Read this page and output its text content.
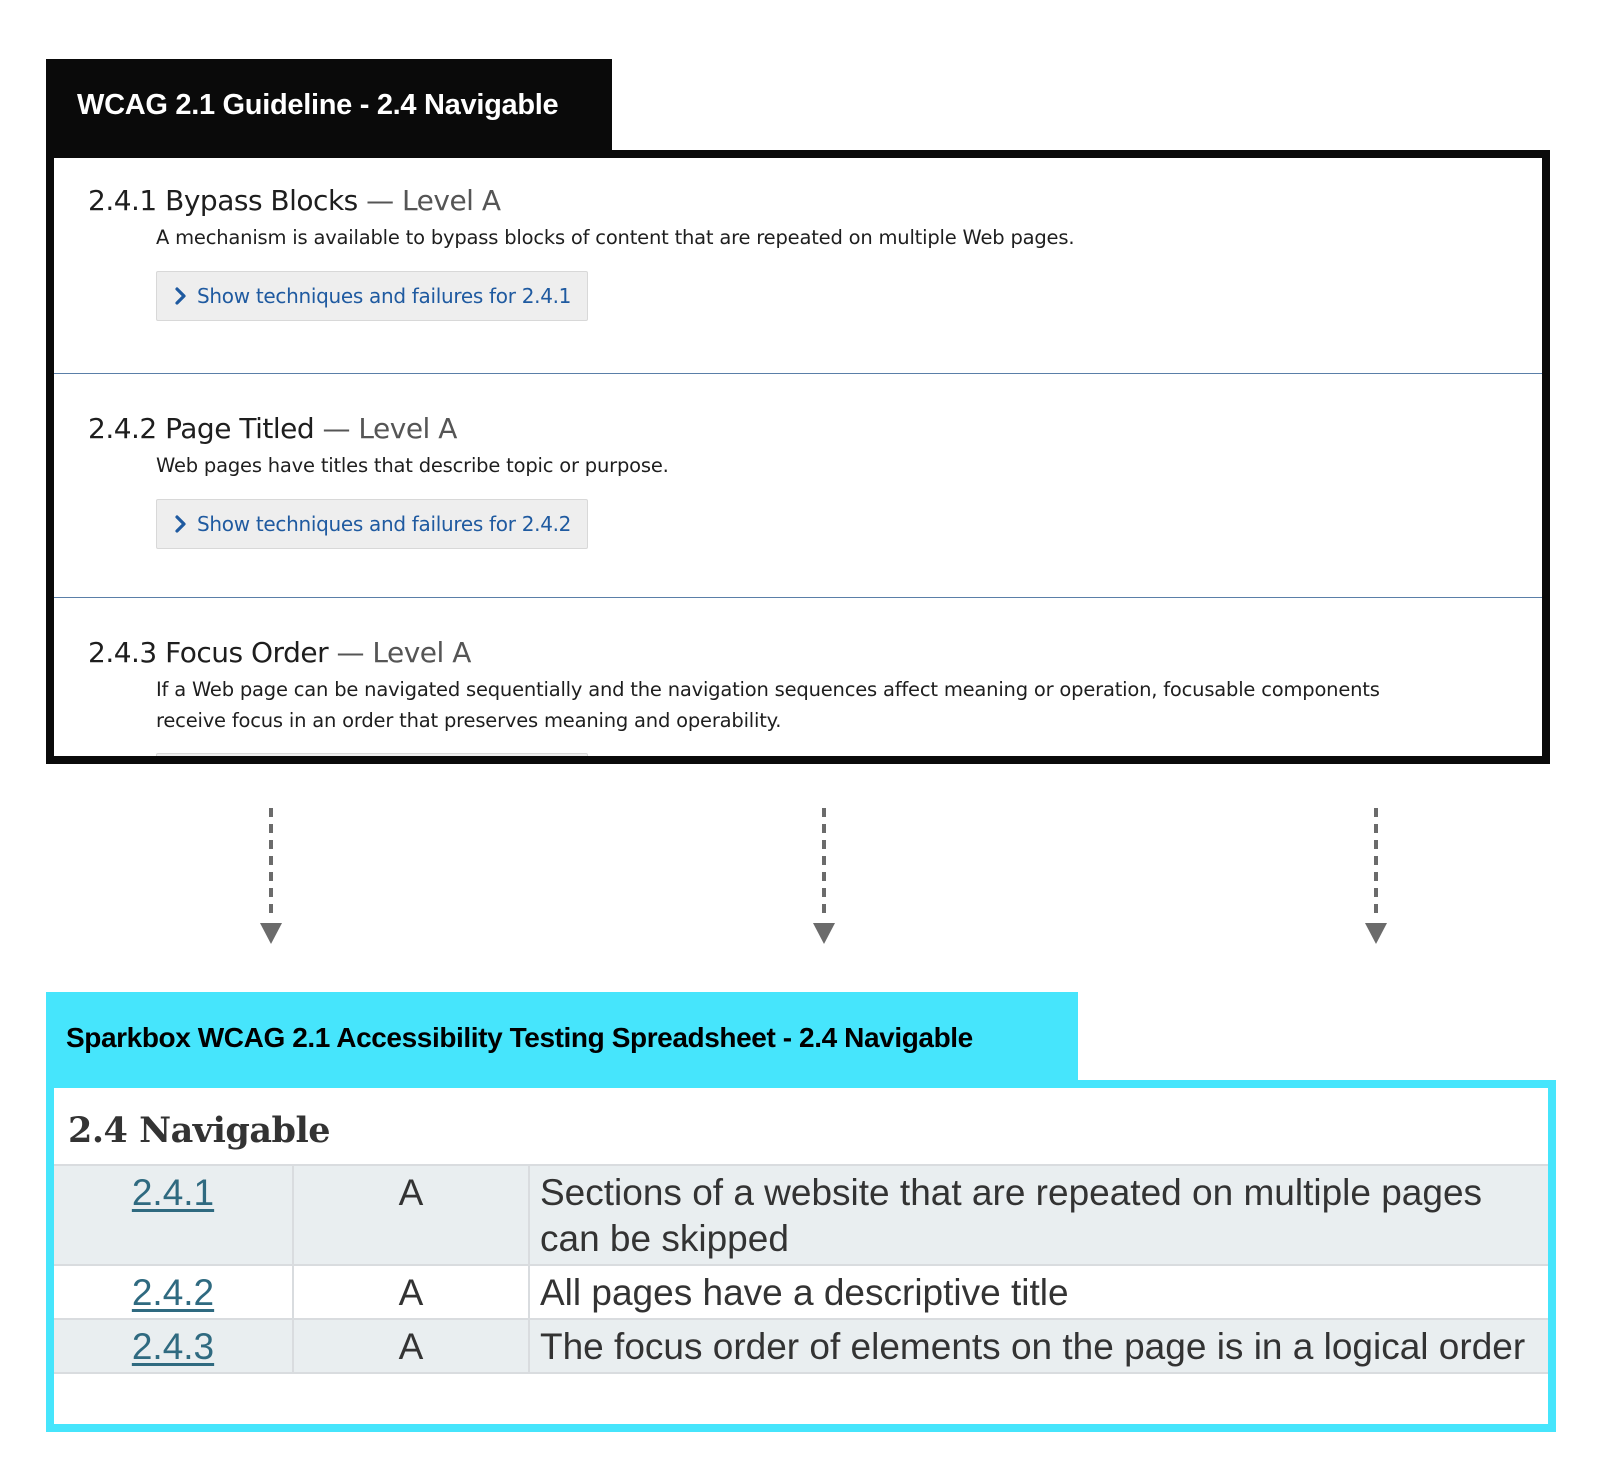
WCAG 2.1 Guideline - 2.4 Navigable
2.4.1 Bypass Blocks — Level A
A mechanism is available to bypass blocks of content that are repeated on multiple Web pages.
Show techniques and failures for 2.4.1
2.4.2 Page Titled — Level A
Web pages have titles that describe topic or purpose.
Show techniques and failures for 2.4.2
2.4.3 Focus Order — Level A
If a Web page can be navigated sequentially and the navigation sequences affect meaning or operation, focusable components receive focus in an order that preserves meaning and operability.
Sparkbox WCAG 2.1 Accessibility Testing Spreadsheet - 2.4 Navigable
2.4 Navigable
2.4.1	A	Sections of a website that are repeated on multiple pages can be skipped
2.4.2	A	All pages have a descriptive title
2.4.3	A	The focus order of elements on the page is in a logical order
